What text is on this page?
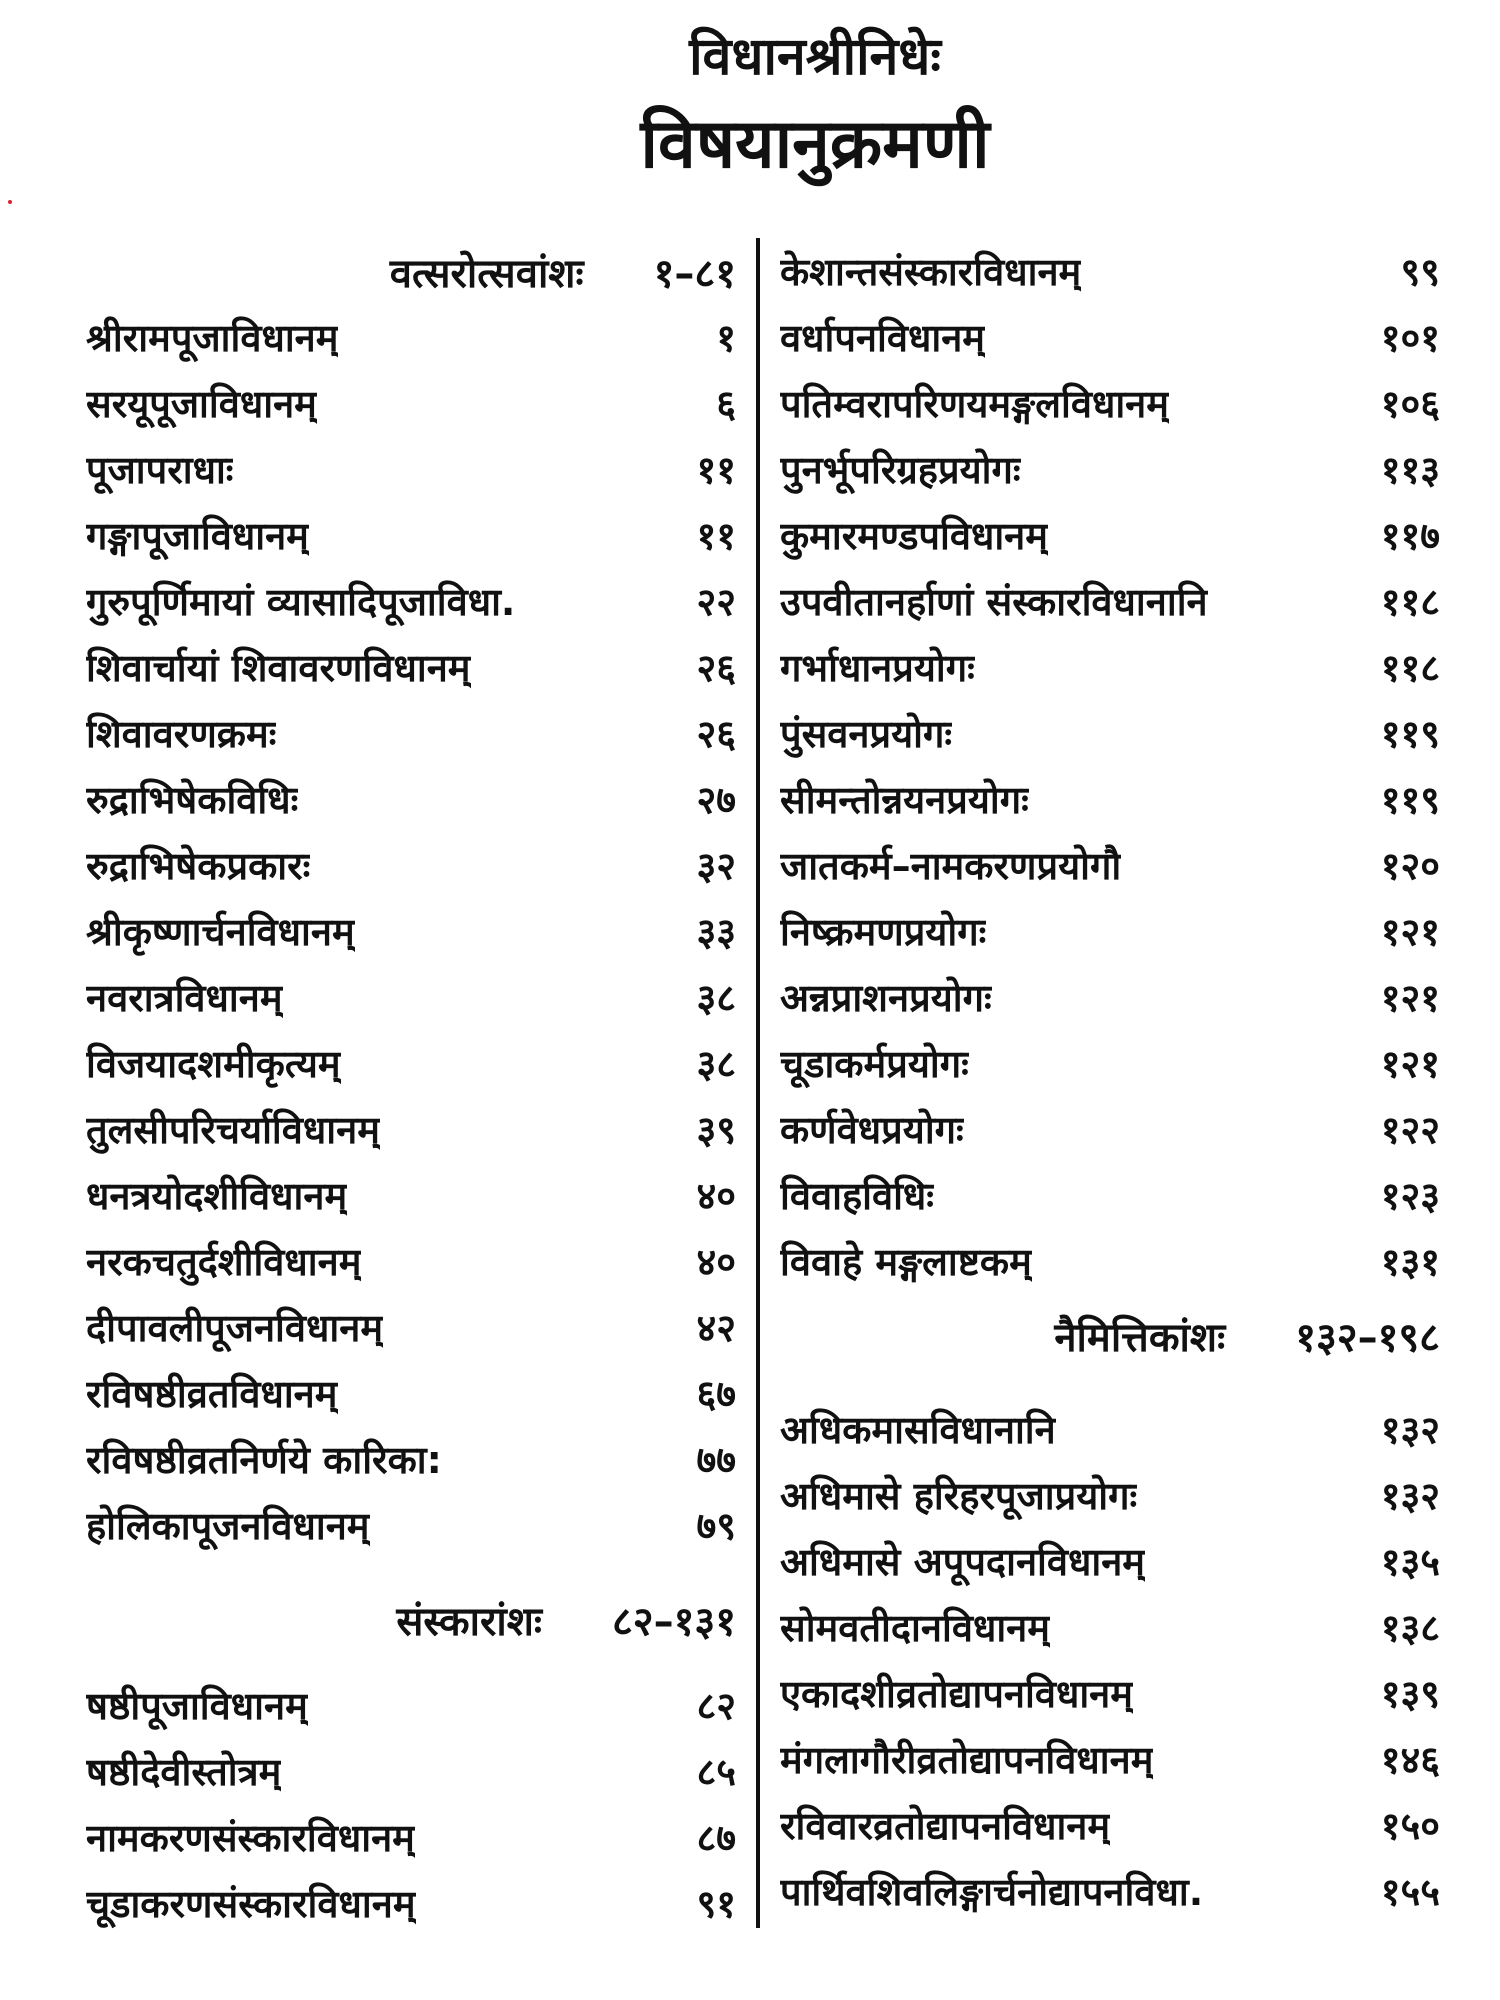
विधानश्रीनिधेः
विषयानुक्रमणी
वत्सरोत्सवांशः १–८१
श्रीरामपूजाविधानम्	१
सरयूपूजाविधानम्	६
पूजापराधाः	११
गङ्गापूजाविधानम्	११
गुरुपूर्णिमायां व्यासादिपूजाविधा.	२२
शिवार्चायां शिवावरणविधानम्	२६
शिवावरणक्रमः	२६
रुद्राभिषेकविधिः	२७
रुद्राभिषेकप्रकारः	३२
श्रीकृष्णार्चनविधानम्	३३
नवरात्रविधानम्	३८
विजयादशमीकृत्यम्	३८
तुलसीपरिचर्याविधानम्	३९
धनत्रयोदशीविधानम्	४०
नरकचतुर्दशीविधानम्	४०
दीपावलीपूजनविधानम्	४२
रविषष्ठीव्रतविधानम्	६७
रविषष्ठीव्रतनिर्णये कारिका:	७७
होलिकापूजनविधानम्	७९
संस्कारांशः ८२–१३१
षष्ठीपूजाविधानम्	८२
षष्ठीदेवीस्तोत्रम्	८५
नामकरणसंस्कारविधानम्	८७
चूडाकरणसंस्कारविधानम्	९१
केशान्तसंस्कारविधानम्	९९
वर्धापनविधानम्	१०१
पतिम्वरापरिणयमङ्गलविधानम्	१०६
पुनर्भूपरिग्रहप्रयोगः	११३
कुमारमण्डपविधानम्	११७
उपवीतानर्हाणां संस्कारविधानानि	११८
गर्भाधानप्रयोगः	११८
पुंसवनप्रयोगः	११९
सीमन्तोन्नयनप्रयोगः	११९
जातकर्म–नामकरणप्रयोगौ	१२०
निष्क्रमणप्रयोगः	१२१
अन्नप्राशनप्रयोगः	१२१
चूडाकर्मप्रयोगः	१२१
कर्णवेधप्रयोगः	१२२
विवाहविधिः	१२३
विवाहे मङ्गलाष्टकम्	१३१
नैमित्तिकांशः १३२–१९८
अधिकमासविधानानि	१३२
अधिमासे हरिहरपूजाप्रयोगः	१३२
अधिमासे अपूपदानविधानम्	१३५
सोमवतीदानविधानम्	१३८
एकादशीव्रतोद्यापनविधानम्	१३९
मंगलागौरीव्रतोद्यापनविधानम्	१४६
रविवारव्रतोद्यापनविधानम्	१५०
पार्थिवशिवलिङ्गार्चनोद्यापनविधा.	१५५
